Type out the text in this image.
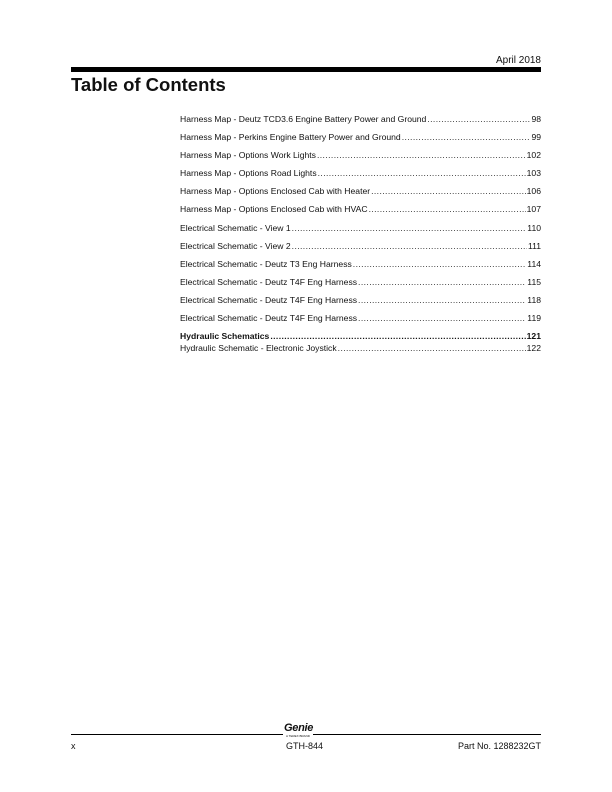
April 2018
Table of Contents
Harness Map - Deutz TCD3.6 Engine Battery Power and Ground .....	98
Harness Map - Perkins Engine Battery Power and Ground .....	99
Harness Map - Options Work Lights .....	102
Harness Map - Options Road Lights .....	103
Harness Map - Options Enclosed Cab with Heater .....	106
Harness Map - Options Enclosed Cab with HVAC .....	107
Electrical Schematic - View 1 .....	110
Electrical Schematic - View 2 .....	111
Electrical Schematic - Deutz T3 Eng Harness .....	114
Electrical Schematic - Deutz T4F Eng Harness .....	115
Electrical Schematic - Deutz T4F Eng Harness .....	118
Electrical Schematic - Deutz T4F Eng Harness .....	119
Hydraulic Schematics .....	121
Hydraulic Schematic - Electronic Joystick .....	122
Genie
A TEREX BRAND
x	GTH-844	Part No. 1288232GT
